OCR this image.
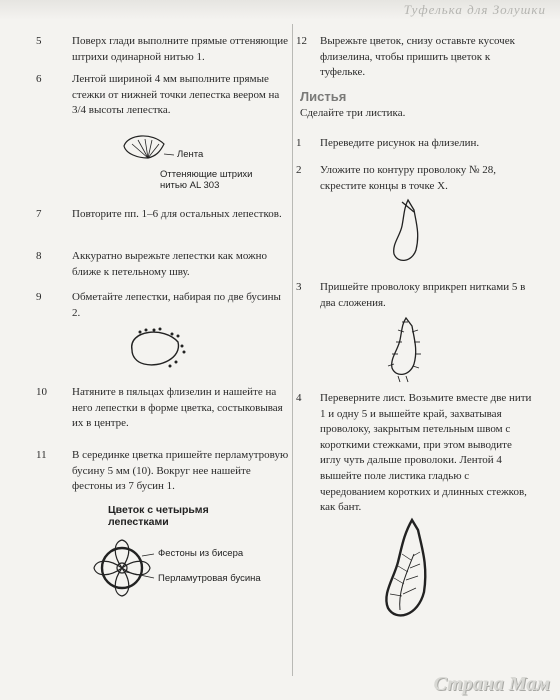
Туфелька для Золушки
5	Поверх глади выполните прямые оттеняющие штрихи одинарной нитью 1.
6	Лентой шириной 4 мм выполните прямые стежки от нижней точки лепестка веером на 3/4 высоты лепестка.
Лента
Оттеняющие штрихи нитью AL 303
7	Повторите пп. 1–6 для остальных лепестков.
8	Аккуратно вырежьте лепестки как можно ближе к петельному шву.
9	Обметайте лепестки, набирая по две бусины 2.
10	Натяните в пяльцах флизелин и нашейте на него лепестки в форме цветка, состыковывая их в центре.
11	В серединке цветка пришейте перламутровую бусину 5 мм (10). Вокруг нее нашейте фестоны из 7 бусин 1.
Цветок с четырьмя лепестками
Фестоны из бисера
Перламутровая бусина
12	Вырежьте цветок, снизу оставьте кусочек флизелина, чтобы пришить цветок к туфельке.
Листья
Сделайте три листика.
1	Переведите рисунок на флизелин.
2	Уложите по контуру проволоку № 28, скрестите концы в точке Х.
3	Пришейте проволоку вприкреп нитками 5 в два сложения.
4	Переверните лист. Возьмите вместе две нити 1 и одну 5 и вышейте край, захватывая проволоку, закрытым петельным швом с короткими стежками, при этом выводите иглу чуть дальше проволоки. Лентой 4 вышейте поле листика гладью с чередованием коротких и длинных стежков, как бант.
Страна Мам
